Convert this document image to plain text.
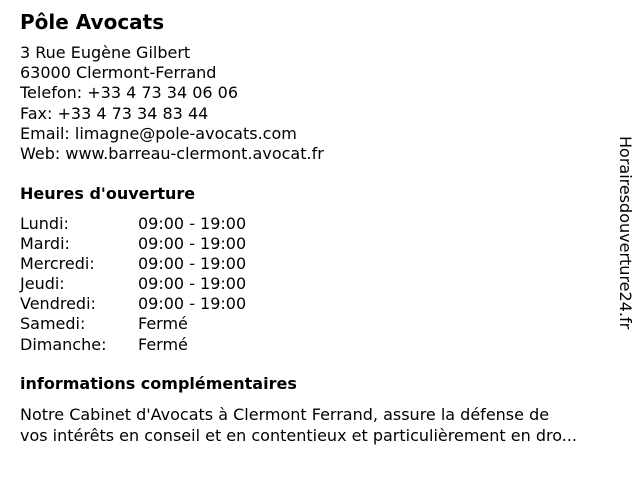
Pôle Avocats
3 Rue Eugène Gilbert
63000 Clermont-Ferrand
Telefon: +33 4 73 34 06 06
Fax: +33 4 73 34 83 44
Email: limagne@pole-avocats.com
Web: www.barreau-clermont.avocat.fr
Heures d'ouverture
Lundi:	09:00 - 19:00
Mardi:	09:00 - 19:00
Mercredi:	09:00 - 19:00
Jeudi:	09:00 - 19:00
Vendredi:	09:00 - 19:00
Samedi:	Fermé
Dimanche: Fermé
informations complémentaires
Notre Cabinet d'Avocats à Clermont Ferrand, assure la défense de
vos intérêts en conseil et en contentieux et particulièrement en dro...
Horairesdouverture24.fr
